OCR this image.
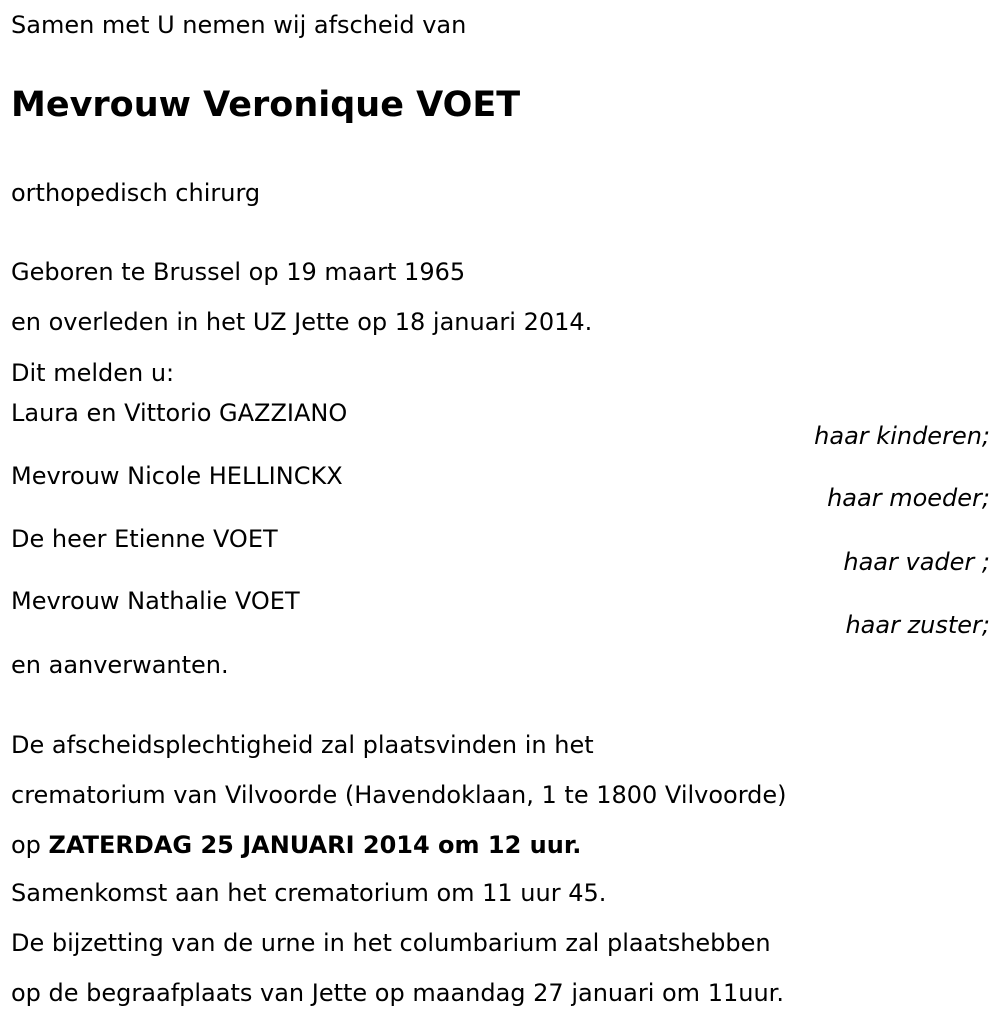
Samen met U nemen wij afscheid van
Mevrouw Veronique VOET
orthopedisch chirurg
Geboren te Brussel op 19 maart 1965
en overleden in het UZ Jette op 18 januari 2014.
Dit melden u:
Laura en Vittorio GAZZIANO
haar kinderen;
Mevrouw Nicole HELLINCKX
haar moeder;
De heer Etienne VOET
haar vader ;
Mevrouw Nathalie VOET
haar zuster;
en aanverwanten.
De afscheidsplechtigheid zal plaatsvinden in het
crematorium van Vilvoorde (Havendoklaan, 1 te 1800 Vilvoorde)
op ZATERDAG 25 JANUARI 2014 om 12 uur.
Samenkomst aan het crematorium om 11 uur 45.
De bijzetting van de urne in het columbarium zal plaatshebben
op de begraafplaats van Jette op maandag 27 januari om 11uur.
